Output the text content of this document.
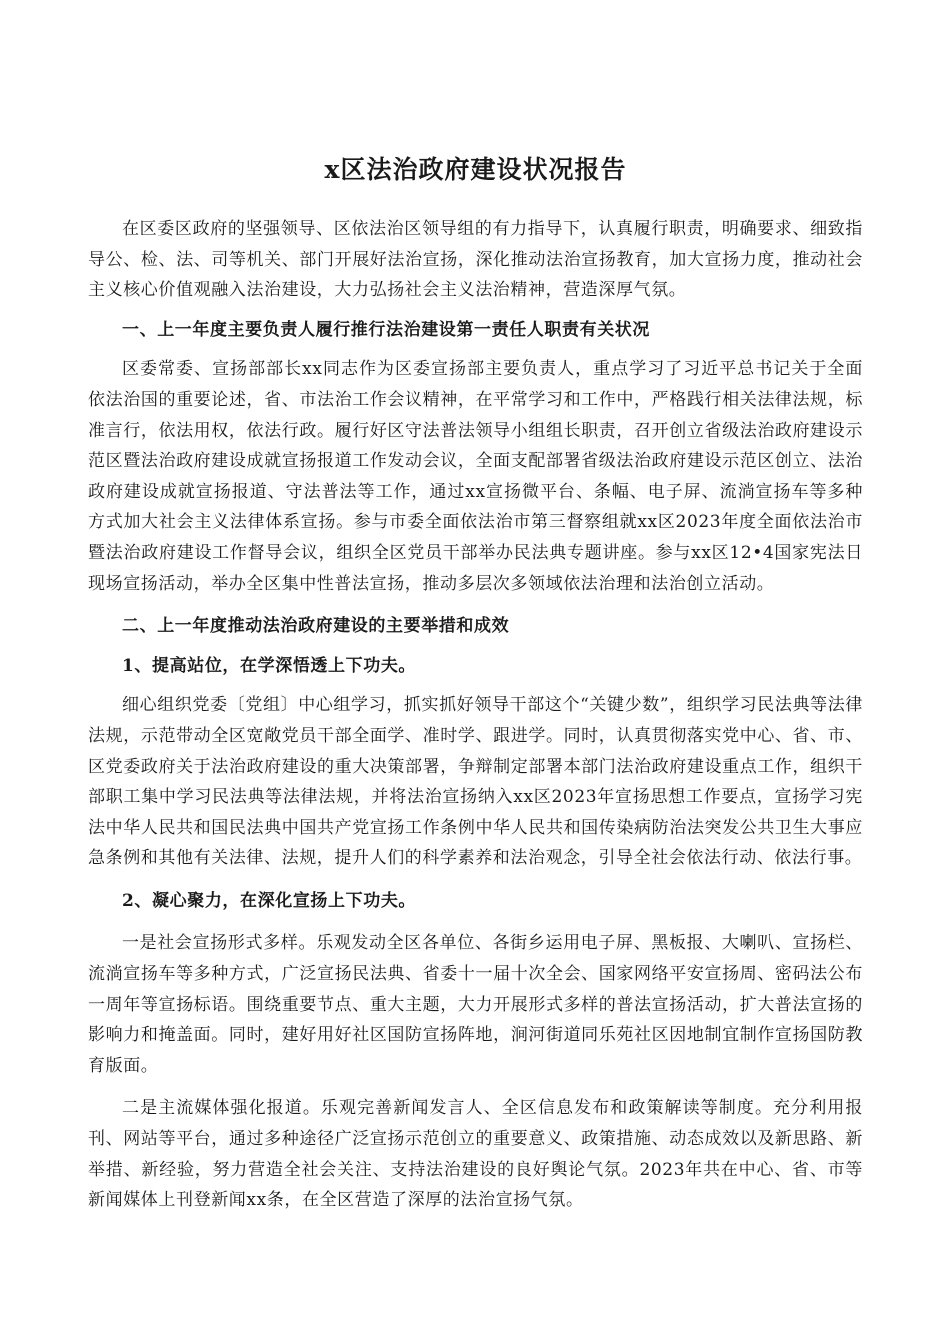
x区法治政府建设状况报告

在区委区政府的坚强领导、区依法治区领导组的有力指导下，认真履行职责，明确要求、细致指导公、检、法、司等机关、部门开展好法治宣扬，深化推动法治宣扬教育，加大宣扬力度，推动社会主义核心价值观融入法治建设，大力弘扬社会主义法治精神，营造深厚气氛。

一、上一年度主要负责人履行推行法治建设第一责任人职责有关状况

区委常委、宣扬部部长xx同志作为区委宣扬部主要负责人，重点学习了习近平总书记关于全面依法治国的重要论述，省、市法治工作会议精神，在平常学习和工作中，严格践行相关法律法规，标准言行，依法用权，依法行政。履行好区守法普法领导小组组长职责，召开创立省级法治政府建设示范区暨法治政府建设成就宣扬报道工作发动会议，全面支配部署省级法治政府建设示范区创立、法治政府建设成就宣扬报道、守法普法等工作，通过xx宣扬微平台、条幅、电子屏、流淌宣扬车等多种方式加大社会主义法律体系宣扬。参与市委全面依法治市第三督察组就xx区2023年度全面依法治市暨法治政府建设工作督导会议，组织全区党员干部举办民法典专题讲座。参与xx区12•4国家宪法日现场宣扬活动，举办全区集中性普法宣扬，推动多层次多领域依法治理和法治创立活动。

二、上一年度推动法治政府建设的主要举措和成效

1、提高站位，在学深悟透上下功夫。

细心组织党委〔党组〕中心组学习，抓实抓好领导干部这个“关键少数”，组织学习民法典等法律法规，示范带动全区宽敞党员干部全面学、准时学、跟进学。同时，认真贯彻落实党中心、省、市、区党委政府关于法治政府建设的重大决策部署，争辩制定部署本部门法治政府建设重点工作，组织干部职工集中学习民法典等法律法规，并将法治宣扬纳入xx区2023年宣扬思想工作要点，宣扬学习宪法中华人民共和国民法典中国共产党宣扬工作条例中华人民共和国传染病防治法突发公共卫生大事应急条例和其他有关法律、法规，提升人们的科学素养和法治观念，引导全社会依法行动、依法行事。

2、凝心聚力，在深化宣扬上下功夫。

一是社会宣扬形式多样。乐观发动全区各单位、各街乡运用电子屏、黑板报、大喇叭、宣扬栏、流淌宣扬车等多种方式，广泛宣扬民法典、省委十一届十次全会、国家网络平安宣扬周、密码法公布一周年等宣扬标语。围绕重要节点、重大主题，大力开展形式多样的普法宣扬活动，扩大普法宣扬的影响力和掩盖面。同时，建好用好社区国防宣扬阵地，涧河街道同乐苑社区因地制宜制作宣扬国防教育版面。

二是主流媒体强化报道。乐观完善新闻发言人、全区信息发布和政策解读等制度。充分利用报刊、网站等平台，通过多种途径广泛宣扬示范创立的重要意义、政策措施、动态成效以及新思路、新举措、新经验，努力营造全社会关注、支持法治建设的良好舆论气氛。2023年共在中心、省、市等新闻媒体上刊登新闻xx条，在全区营造了深厚的法治宣扬气氛。
